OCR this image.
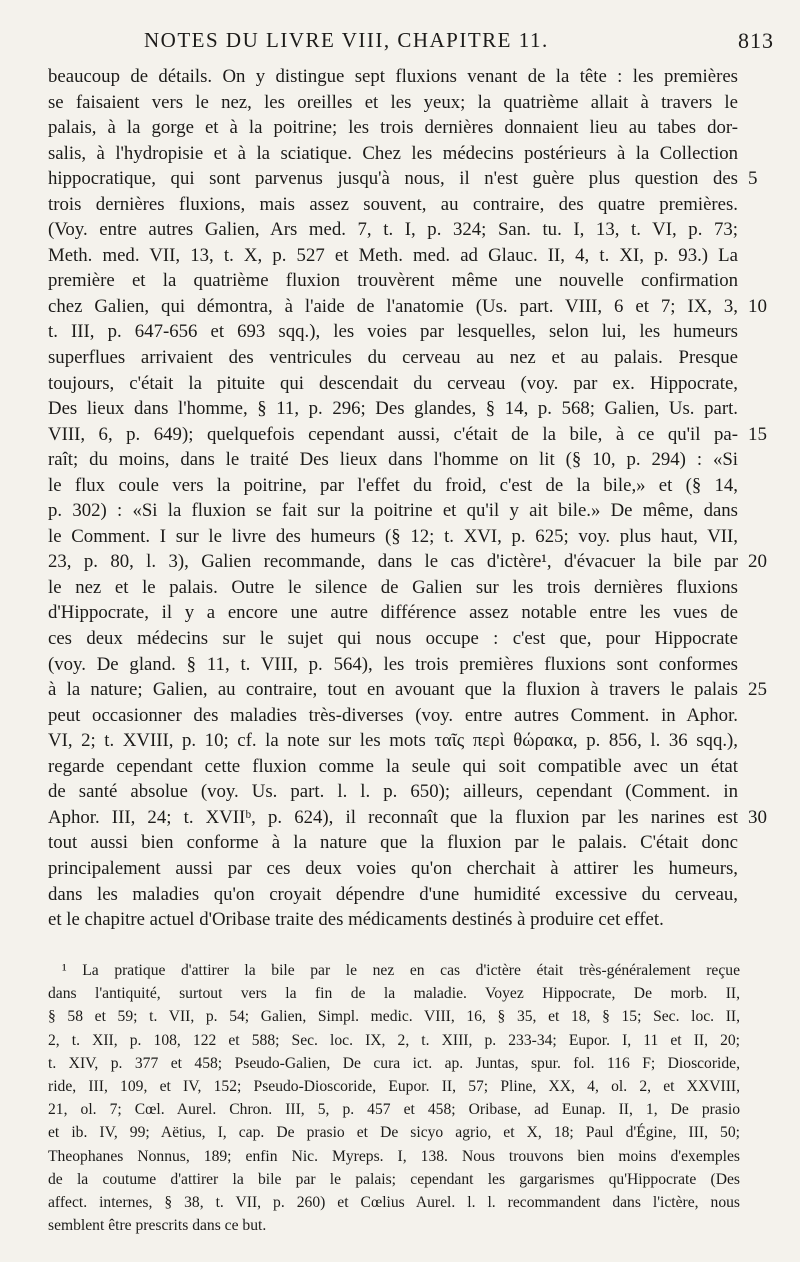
NOTES DU LIVRE VIII, CHAPITRE 11.	813
beaucoup de détails. On y distingue sept fluxions venant de la tête : les premières
se faisaient vers le nez, les oreilles et les yeux; la quatrième allait à travers le
palais, à la gorge et à la poitrine; les trois dernières donnaient lieu au tabes dor-
salis, à l'hydropisie et à la sciatique. Chez les médecins postérieurs à la Collection
hippocratique, qui sont parvenus jusqu'à nous, il n'est guère plus question des 5
trois dernières fluxions, mais assez souvent, au contraire, des quatre premières.
(Voy. entre autres Galien, Ars med. 7, t. I, p. 324; San. tu. I, 13, t. VI, p. 73;
Meth. med. VII, 13, t. X, p. 527 et Meth. med. ad Glauc. II, 4, t. XI, p. 93.) La
première et la quatrième fluxion trouvèrent même une nouvelle confirmation
chez Galien, qui démontra, à l'aide de l'anatomie (Us. part. VIII, 6 et 7; IX, 3, 10
t. III, p. 647-656 et 693 sqq.), les voies par lesquelles, selon lui, les humeurs
superflues arrivaient des ventricules du cerveau au nez et au palais. Presque
toujours, c'était la pituite qui descendait du cerveau (voy. par ex. Hippocrate,
Des lieux dans l'homme, § 11, p. 296; Des glandes, § 14, p. 568; Galien, Us. part.
VIII, 6, p. 649); quelquefois cependant aussi, c'était de la bile, à ce qu'il pa- 15
raît; du moins, dans le traité Des lieux dans l'homme on lit (§ 10, p. 294) : «Si
le flux coule vers la poitrine, par l'effet du froid, c'est de la bile,» et (§ 14,
p. 302) : «Si la fluxion se fait sur la poitrine et qu'il y ait bile.» De même, dans
le Comment. I sur le livre des humeurs (§ 12; t. XVI, p. 625; voy. plus haut, VII,
23, p. 80, l. 3), Galien recommande, dans le cas d'ictère¹, d'évacuer la bile par 20
le nez et le palais. Outre le silence de Galien sur les trois dernières fluxions
d'Hippocrate, il y a encore une autre différence assez notable entre les vues de
ces deux médecins sur le sujet qui nous occupe : c'est que, pour Hippocrate
(voy. De gland. § 11, t. VIII, p. 564), les trois premières fluxions sont conformes
à la nature; Galien, au contraire, tout en avouant que la fluxion à travers le palais 25
peut occasionner des maladies très-diverses (voy. entre autres Comment. in Aphor.
VI, 2; t. XVIII, p. 10; cf. la note sur les mots ταῖς περὶ θώρακα, p. 856, l. 36 sqq.),
regarde cependant cette fluxion comme la seule qui soit compatible avec un état
de santé absolue (voy. Us. part. l. l. p. 650); ailleurs, cependant (Comment. in
Aphor. III, 24; t. XVIIᵇ, p. 624), il reconnaît que la fluxion par les narines est 30
tout aussi bien conforme à la nature que la fluxion par le palais. C'était donc
principalement aussi par ces deux voies qu'on cherchait à attirer les humeurs,
dans les maladies qu'on croyait dépendre d'une humidité excessive du cerveau,
et le chapitre actuel d'Oribase traite des médicaments destinés à produire cet effet.
¹ La pratique d'attirer la bile par le nez en cas d'ictère était très-généralement reçue
dans l'antiquité, surtout vers la fin de la maladie. Voyez Hippocrate, De morb. II,
§ 58 et 59; t. VII, p. 54; Galien, Simpl. medic. VIII, 16, § 35, et 18, § 15; Sec. loc. II,
2, t. XII, p. 108, 122 et 588; Sec. loc. IX, 2, t. XIII, p. 233-34; Eupor. I, 11 et II, 20;
t. XIV, p. 377 et 458; Pseudo-Galien, De cura ict. ap. Juntas, spur. fol. 116 F; Dioscoride,
ride, III, 109, et IV, 152; Pseudo-Dioscoride, Eupor. II, 57; Pline, XX, 4, ol. 2, et XXVIII,
21, ol. 7; Cœl. Aurel. Chron. III, 5, p. 457 et 458; Oribase, ad Eunap. II, 1, De prasio
et ib. IV, 99; Aëtius, I, cap. De prasio et De sicyo agrio, et X, 18; Paul d'Égine, III, 50;
Theophanes Nonnus, 189; enfin Nic. Myreps. I, 138. Nous trouvons bien moins d'exemples
de la coutume d'attirer la bile par le palais; cependant les gargarismes qu'Hippocrate (Des
affect. internes, § 38, t. VII, p. 260) et Cœlius Aurel. l. l. recommandent dans l'ictère, nous
semblent être prescrits dans ce but.
